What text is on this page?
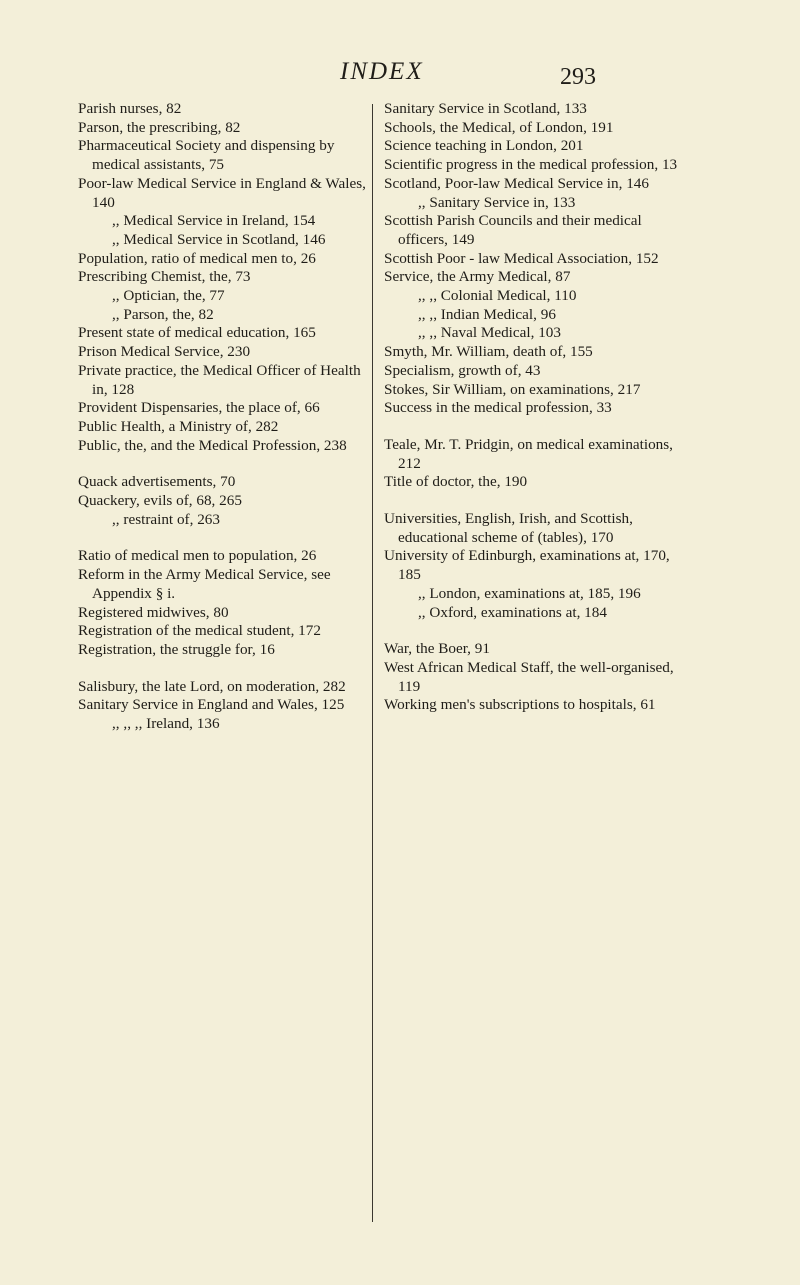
INDEX	293
Parish nurses, 82
Parson, the prescribing, 82
Pharmaceutical Society and dispensing by medical assistants, 75
Poor-law Medical Service in England & Wales, 140
,, Medical Service in Ireland, 154
,, Medical Service in Scotland, 146
Population, ratio of medical men to, 26
Prescribing Chemist, the, 73
,, Optician, the, 77
,, Parson, the, 82
Present state of medical education, 165
Prison Medical Service, 230
Private practice, the Medical Officer of Health in, 128
Provident Dispensaries, the place of, 66
Public Health, a Ministry of, 282
Public, the, and the Medical Profession, 238
Quack advertisements, 70
Quackery, evils of, 68, 265
,, restraint of, 263
Ratio of medical men to population, 26
Reform in the Army Medical Service, see Appendix § i.
Registered midwives, 80
Registration of the medical student, 172
Registration, the struggle for, 16
Salisbury, the late Lord, on moderation, 282
Sanitary Service in England and Wales, 125
,, ,, ,, Ireland, 136
Sanitary Service in Scotland, 133
Schools, the Medical, of London, 191
Science teaching in London, 201
Scientific progress in the medical profession, 13
Scotland, Poor-law Medical Service in, 146
,, Sanitary Service in, 133
Scottish Parish Councils and their medical officers, 149
Scottish Poor - law Medical Association, 152
Service, the Army Medical, 87
,, ,, Colonial Medical, 110
,, ,, Indian Medical, 96
,, ,, Naval Medical, 103
Smyth, Mr. William, death of, 155
Specialism, growth of, 43
Stokes, Sir William, on examinations, 217
Success in the medical profession, 33
Teale, Mr. T. Pridgin, on medical examinations, 212
Title of doctor, the, 190
Universities, English, Irish, and Scottish, educational scheme of (tables), 170
University of Edinburgh, examinations at, 170, 185
,, London, examinations at, 185, 196
,, Oxford, examinations at, 184
War, the Boer, 91
West African Medical Staff, the well-organised, 119
Working men's subscriptions to hospitals, 61
